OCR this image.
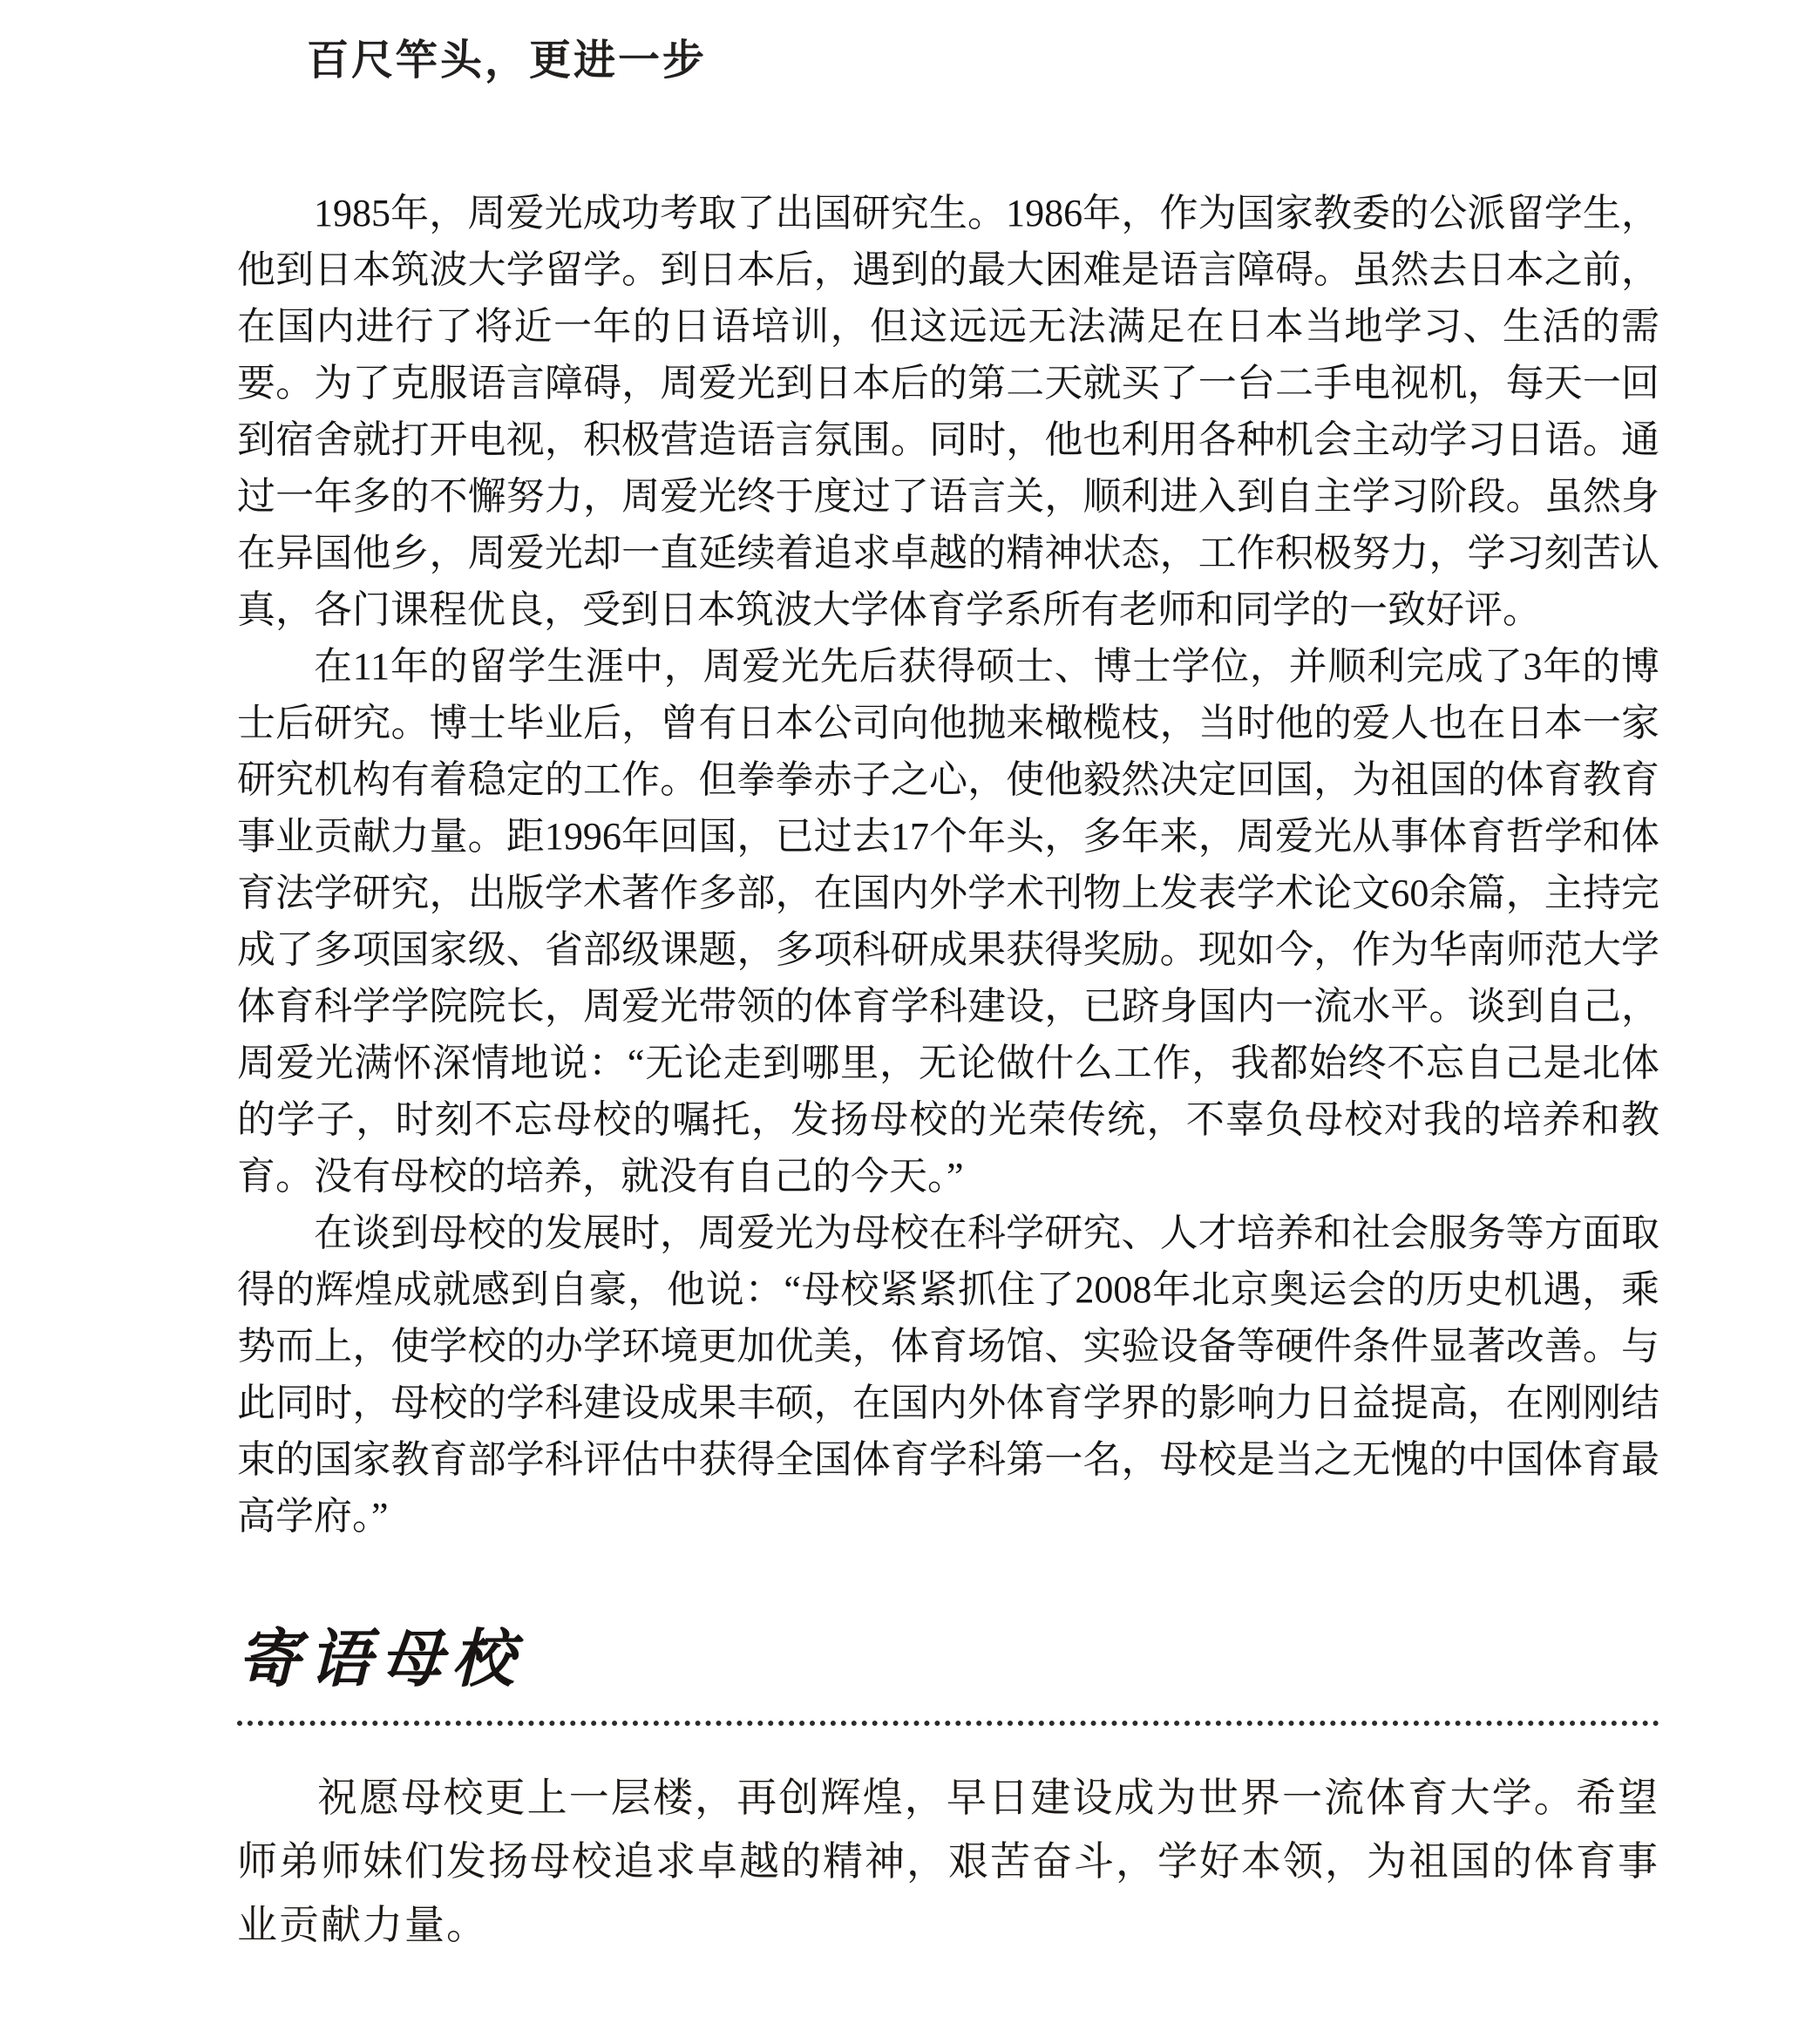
百尺竿头，更进一步

1985年，周爱光成功考取了出国研究生。1986年，作为国家教委的公派留学生，他到日本筑波大学留学。到日本后，遇到的最大困难是语言障碍。虽然去日本之前，在国内进行了将近一年的日语培训，但这远远无法满足在日本当地学习、生活的需要。为了克服语言障碍，周爱光到日本后的第二天就买了一台二手电视机，每天一回到宿舍就打开电视，积极营造语言氛围。同时，他也利用各种机会主动学习日语。通过一年多的不懈努力，周爱光终于度过了语言关，顺利进入到自主学习阶段。虽然身在异国他乡，周爱光却一直延续着追求卓越的精神状态，工作积极努力，学习刻苦认真，各门课程优良，受到日本筑波大学体育学系所有老师和同学的一致好评。

在11年的留学生涯中，周爱光先后获得硕士、博士学位，并顺利完成了3年的博士后研究。博士毕业后，曾有日本公司向他抛来橄榄枝，当时他的爱人也在日本一家研究机构有着稳定的工作。但拳拳赤子之心，使他毅然决定回国，为祖国的体育教育事业贡献力量。距1996年回国，已过去17个年头，多年来，周爱光从事体育哲学和体育法学研究，出版学术著作多部，在国内外学术刊物上发表学术论文60余篇，主持完成了多项国家级、省部级课题，多项科研成果获得奖励。现如今，作为华南师范大学体育科学学院院长，周爱光带领的体育学科建设，已跻身国内一流水平。谈到自己，周爱光满怀深情地说：“无论走到哪里，无论做什么工作，我都始终不忘自己是北体的学子，时刻不忘母校的嘱托，发扬母校的光荣传统，不辜负母校对我的培养和教育。没有母校的培养，就没有自己的今天。”

在谈到母校的发展时，周爱光为母校在科学研究、人才培养和社会服务等方面取得的辉煌成就感到自豪，他说：“母校紧紧抓住了2008年北京奥运会的历史机遇，乘势而上，使学校的办学环境更加优美，体育场馆、实验设备等硬件条件显著改善。与此同时，母校的学科建设成果丰硕，在国内外体育学界的影响力日益提高，在刚刚结束的国家教育部学科评估中获得全国体育学科第一名，母校是当之无愧的中国体育最高学府。”

寄语母校

祝愿母校更上一层楼，再创辉煌，早日建设成为世界一流体育大学。希望师弟师妹们发扬母校追求卓越的精神，艰苦奋斗，学好本领，为祖国的体育事业贡献力量。
